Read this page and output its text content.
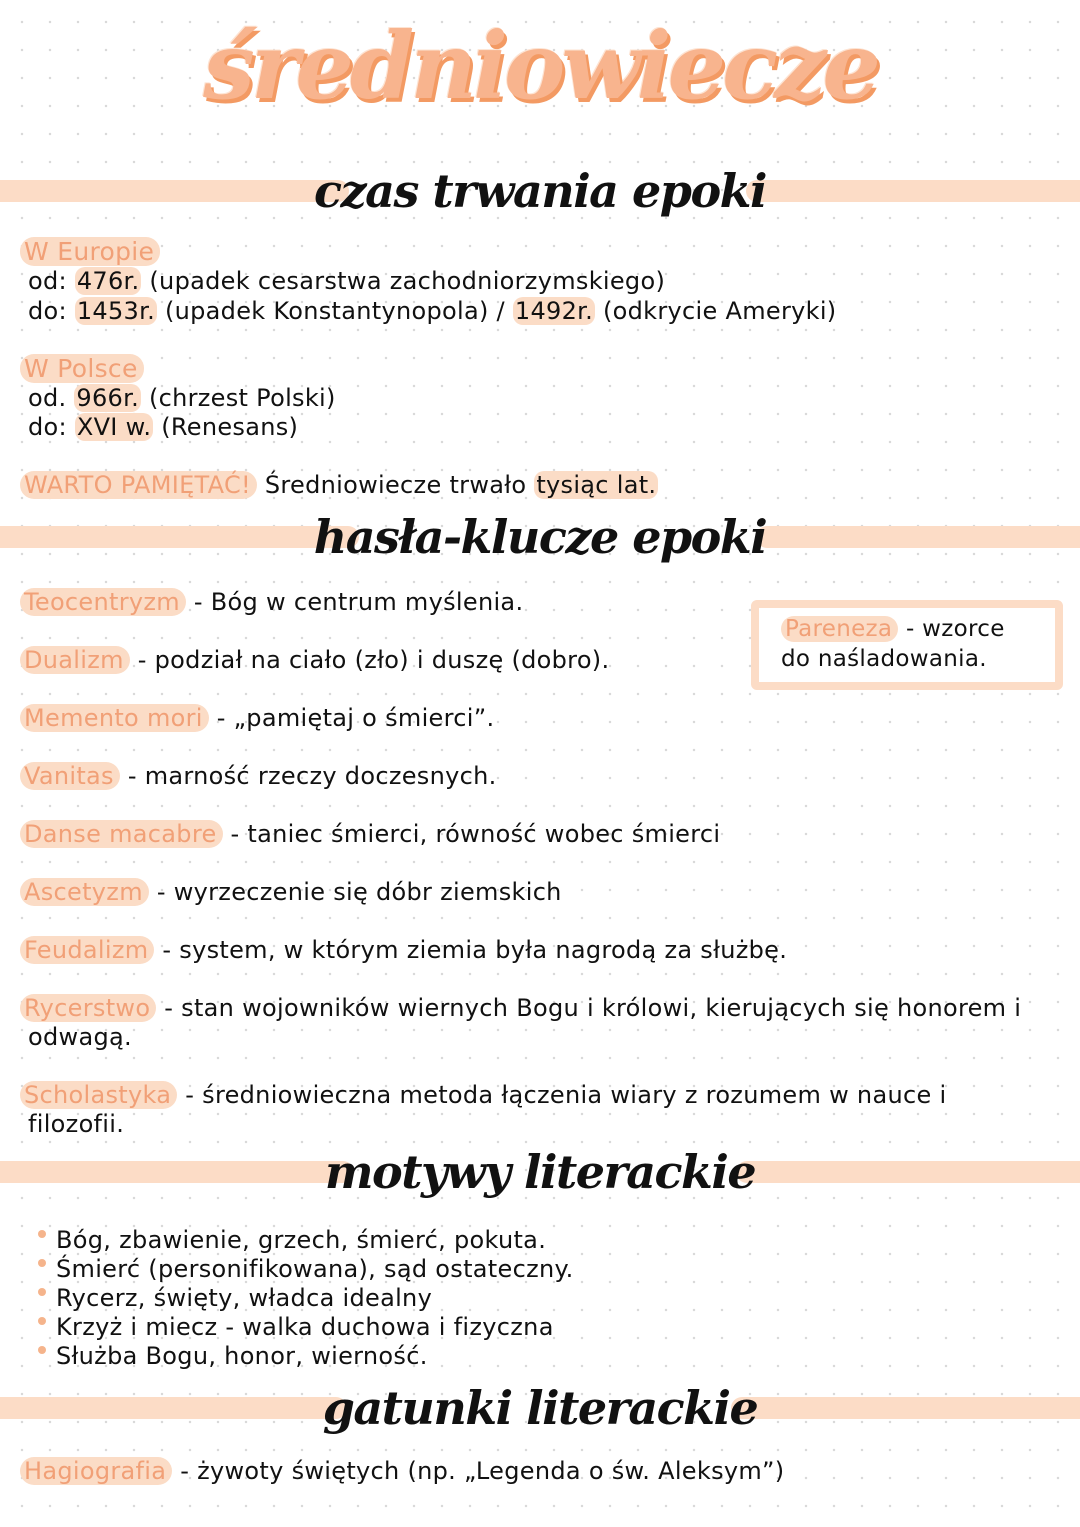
średniowiecze
czas trwania epoki
W Europie
od: 476r. (upadek cesarstwa zachodniorzymskiego)
do: 1453r. (upadek Konstantynopola) / 1492r. (odkrycie Ameryki)
W Polsce
od. 966r. (chrzest Polski)
do: XVI w. (Renesans)
WARTO PAMIĘTAĆ! Średniowiecze trwało tysiąc lat.
hasła-klucze epoki
Teocentryzm - Bóg w centrum myślenia.
Dualizm - podział na ciało (zło) i duszę (dobro).
Memento mori - „pamiętaj o śmierci”.
Vanitas - marność rzeczy doczesnych.
Danse macabre - taniec śmierci, równość wobec śmierci
Ascetyzm - wyrzeczenie się dóbr ziemskich
Feudalizm - system, w którym ziemia była nagrodą za służbę.
Rycerstwo - stan wojowników wiernych Bogu i królowi, kierujących się honorem i
odwagą.
Scholastyka - średniowieczna metoda łączenia wiary z rozumem w nauce i
filozofii.
Parenezа - wzorce
do naśladowania.
motywy literackie
Bóg, zbawienie, grzech, śmierć, pokuta.
Śmierć (personifikowana), sąd ostateczny.
Rycerz, święty, władca idealny
Krzyż i miecz - walka duchowa i fizyczna
Służba Bogu, honor, wierność.
gatunki literackie
Hagiografia - żywoty świętych (np. „Legenda o św. Aleksym”)
